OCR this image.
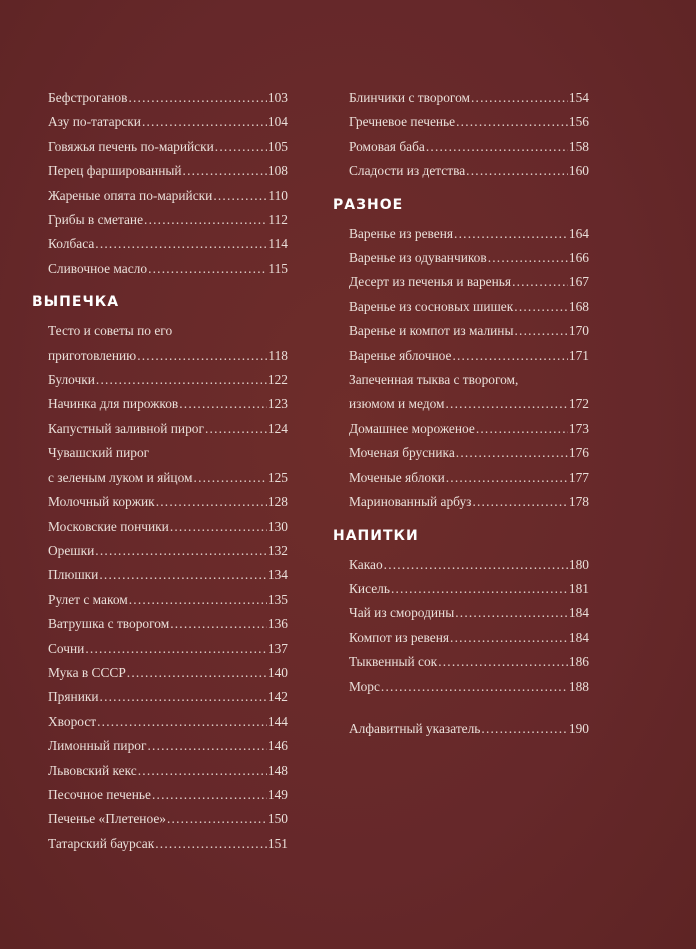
Бефстроганов .....	103
Азу по-татарски .....	104
Говяжья печень по-марийски .....	105
Перец фаршированный .....	108
Жареные опята по-марийски .....	110
Грибы в сметане .....	112
Колбаса .....	114
Сливочное масло .....	115
ВЫПЕЧКА
Тесто и советы по его
приготовлению .....	118
Булочки .....	122
Начинка для пирожков .....	123
Капустный заливной пирог .....	124
Чувашский пирог
с зеленым луком и яйцом .....	125
Молочный коржик .....	128
Московские пончики .....	130
Орешки .....	132
Плюшки .....	134
Рулет с маком .....	135
Ватрушка с творогом .....	136
Сочни .....	137
Мука в СССР .....	140
Пряники .....	142
Хворост .....	144
Лимонный пирог .....	146
Львовский кекс .....	148
Песочное печенье .....	149
Печенье «Плетеное» .....	150
Татарский баурсак .....	151
Блинчики с творогом .....	154
Гречневое печенье .....	156
Ромовая баба .....	158
Сладости из детства .....	160
РАЗНОЕ
Варенье из ревеня .....	164
Варенье из одуванчиков .....	166
Десерт из печенья и варенья .....	167
Варенье из сосновых шишек .....	168
Варенье и компот из малины .....	170
Варенье яблочное .....	171
Запеченная тыква с творогом,
изюмом и медом .....	172
Домашнее мороженое .....	173
Моченая брусника .....	176
Моченые яблоки .....	177
Маринованный арбуз .....	178
НАПИТКИ
Какао .....	180
Кисель .....	181
Чай из смородины .....	184
Компот из ревеня .....	184
Тыквенный сок .....	186
Морс .....	188
Алфавитный указатель .....	190
